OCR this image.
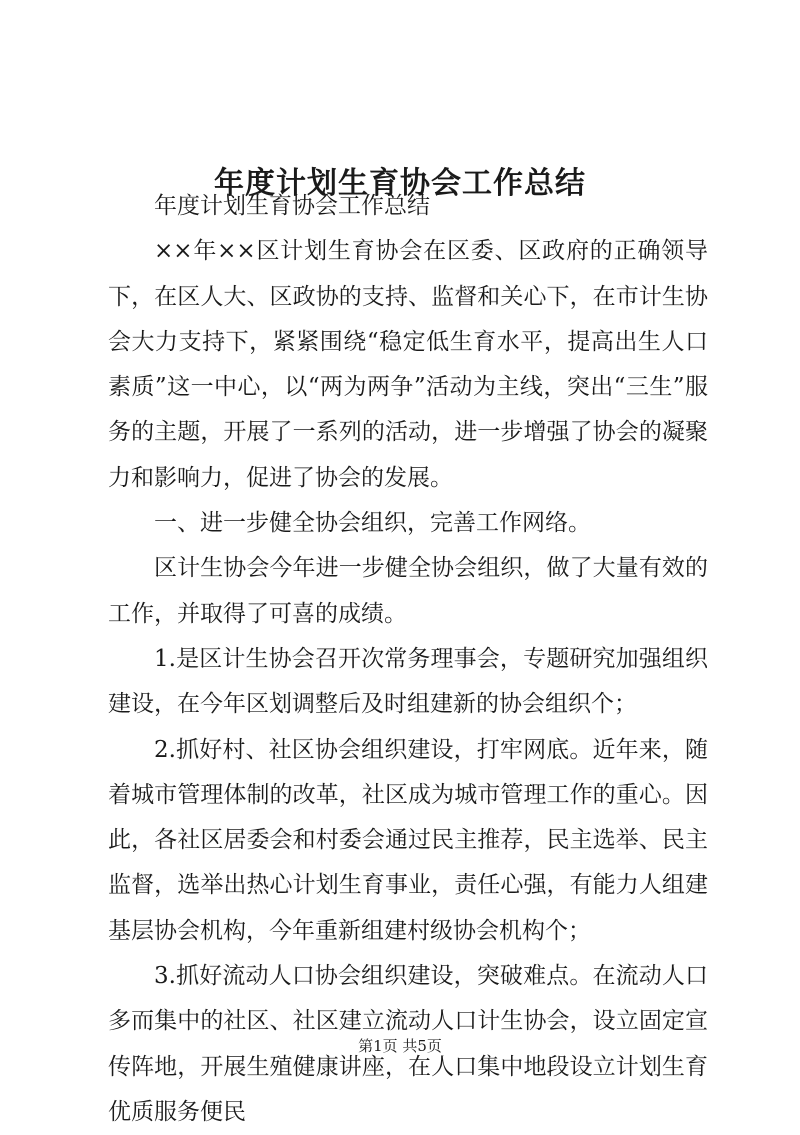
年度计划生育协会工作总结

年度计划生育协会工作总结

××年××区计划生育协会在区委、区政府的正确领导下，在区人大、区政协的支持、监督和关心下，在市计生协会大力支持下，紧紧围绕“稳定低生育水平，提高出生人口素质”这一中心，以“两为两争”活动为主线，突出“三生”服务的主题，开展了一系列的活动，进一步增强了协会的凝聚力和影响力，促进了协会的发展。

一、进一步健全协会组织，完善工作网络。

区计生协会今年进一步健全协会组织，做了大量有效的工作，并取得了可喜的成绩。

1.是区计生协会召开次常务理事会，专题研究加强组织建设，在今年区划调整后及时组建新的协会组织个；

2.抓好村、社区协会组织建设，打牢网底。近年来，随着城市管理体制的改革，社区成为城市管理工作的重心。因此，各社区居委会和村委会通过民主推荐，民主选举、民主监督，选举出热心计划生育事业，责任心强，有能力人组建基层协会机构，今年重新组建村级协会机构个；

3.抓好流动人口协会组织建设，突破难点。在流动人口多而集中的社区、社区建立流动人口计生协会，设立固定宣传阵地，开展生殖健康讲座，在人口集中地段设立计划生育优质服务便民

第1页 共5页
